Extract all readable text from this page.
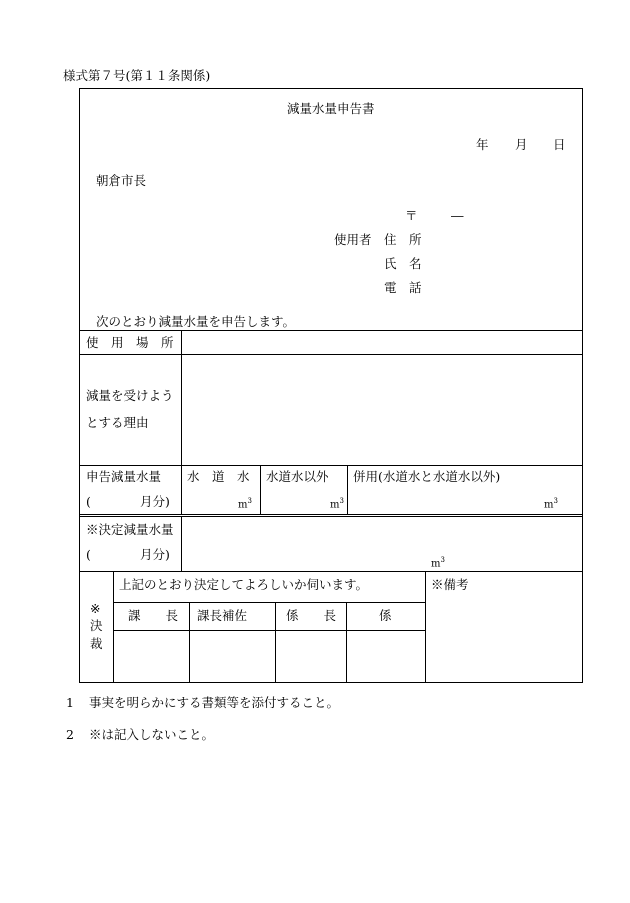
様式第７号(第１１条関係)
減量水量申告書
年 月 日
朝倉市長
〒	―
使用者 住　所
氏　名
電　話
次のとおり減量水量を申告します。
使　用　場　所
減量を受けよう
とする理由
申告減量水量
(	月分)
水　道　水 水道水以外 併用(水道水と水道水以外)
$m^3$	$m^3$	$m^3$
※決定減量水量
(	月分)
$m^3$
※
決
裁
上記のとおり決定してよろしいか伺います。
課　　長 課長補佐	係　　長	係
※備考
1 事実を明らかにする書類等を添付すること。
2 ※は記入しないこと。
